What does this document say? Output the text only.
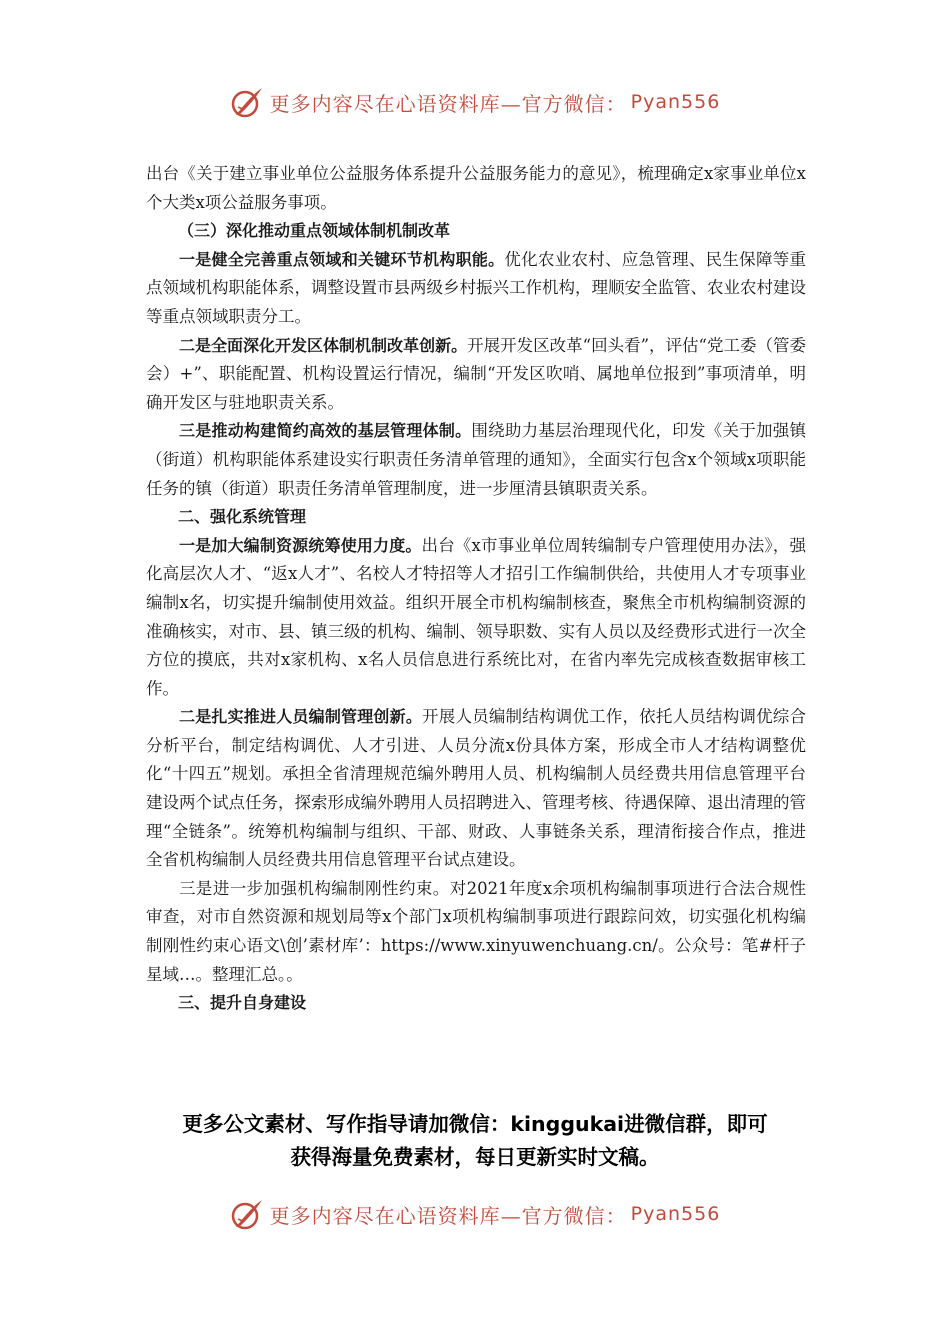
更多内容尽在心语资料库—官方微信： Pyan556

出台《关于建立事业单位公益服务体系提升公益服务能力的意见》，梳理确定x家事业单位x个大类x项公益服务事项。

（三）深化推动重点领域体制机制改革

一是健全完善重点领域和关键环节机构职能。优化农业农村、应急管理、民生保障等重点领域机构职能体系，调整设置市县两级乡村振兴工作机构，理顺安全监管、农业农村建设等重点领域职责分工。

二是全面深化开发区体制机制改革创新。开展开发区改革“回头看”，评估“党工委（管委会）+”、职能配置、机构设置运行情况，编制“开发区吹哨、属地单位报到”事项清单，明确开发区与驻地职责关系。

三是推动构建简约高效的基层管理体制。围绕助力基层治理现代化，印发《关于加强镇（街道）机构职能体系建设实行职责任务清单管理的通知》，全面实行包含x个领域x项职能任务的镇（街道）职责任务清单管理制度，进一步厘清县镇职责关系。

二、强化系统管理

一是加大编制资源统筹使用力度。出台《x市事业单位周转编制专户管理使用办法》，强化高层次人才、“返x人才”、名校人才特招等人才招引工作编制供给，共使用人才专项事业编制x名，切实提升编制使用效益。组织开展全市机构编制核查，聚焦全市机构编制资源的准确核实，对市、县、镇三级的机构、编制、领导职数、实有人员以及经费形式进行一次全方位的摸底，共对x家机构、x名人员信息进行系统比对，在省内率先完成核查数据审核工作。

二是扎实推进人员编制管理创新。开展人员编制结构调优工作，依托人员结构调优综合分析平台，制定结构调优、人才引进、人员分流x份具体方案，形成全市人才结构调整优化“十四五”规划。承担全省清理规范编外聘用人员、机构编制人员经费共用信息管理平台建设两个试点任务，探索形成编外聘用人员招聘进入、管理考核、待遇保障、退出清理的管理“全链条”。统筹机构编制与组织、干部、财政、人事链条关系，理清衔接合作点，推进全省机构编制人员经费共用信息管理平台试点建设。

三是进一步加强机构编制刚性约束。对2021年度x余项机构编制事项进行合法合规性审查，对市自然资源和规划局等x个部门x项机构编制事项进行跟踪问效，切实强化机构编制刚性约束心语文\创’素材库’：https://www.xinyuwenchuang.cn/。公众号：笔#杆子星域…。整理汇总。。

三、提升自身建设

更多公文素材、写作指导请加微信：kinggukai进微信群，即可
获得海量免费素材，每日更新实时文稿。
更多内容尽在心语资料库—官方微信： Pyan556
